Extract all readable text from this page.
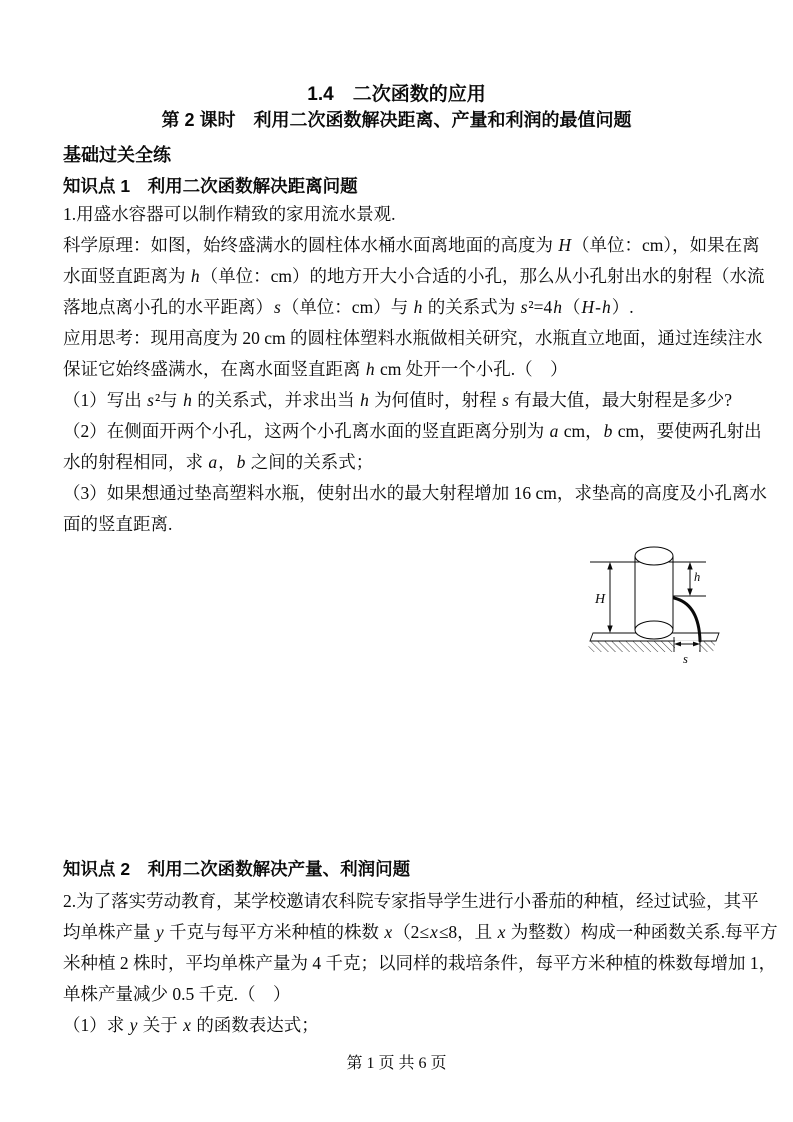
1.4　二次函数的应用
第 2 课时　利用二次函数解决距离、产量和利润的最值问题
基础过关全练
知识点 1　利用二次函数解决距离问题
1.用盛水容器可以制作精致的家用流水景观.
科学原理：如图，始终盛满水的圆柱体水桶水面离地面的高度为 H（单位：cm），如果在离
水面竖直距离为 h（单位：cm）的地方开大小合适的小孔，那么从小孔射出水的射程（水流
落地点离小孔的水平距离）s（单位：cm）与 h 的关系式为 s²=4h（H-h）.
应用思考：现用高度为 20 cm 的圆柱体塑料水瓶做相关研究，水瓶直立地面，通过连续注水
保证它始终盛满水，在离水面竖直距离 h cm 处开一个小孔.（　）
（1）写出 s²与 h 的关系式，并求出当 h 为何值时，射程 s 有最大值，最大射程是多少?
（2）在侧面开两个小孔，这两个小孔离水面的竖直距离分别为 a cm，b cm，要使两孔射出
水的射程相同，求 a，b 之间的关系式；
（3）如果想通过垫高塑料水瓶，使射出水的最大射程增加 16 cm，求垫高的高度及小孔离水
面的竖直距离.
H
h
s
知识点 2　利用二次函数解决产量、利润问题
2.为了落实劳动教育，某学校邀请农科院专家指导学生进行小番茄的种植，经过试验，其平
均单株产量 y 千克与每平方米种植的株数 x（2≤x≤8，且 x 为整数）构成一种函数关系.每平方
米种植 2 株时，平均单株产量为 4 千克；以同样的栽培条件，每平方米种植的株数每增加 1，
单株产量减少 0.5 千克.（　）
（1）求 y 关于 x 的函数表达式；
第 1 页 共 6 页
